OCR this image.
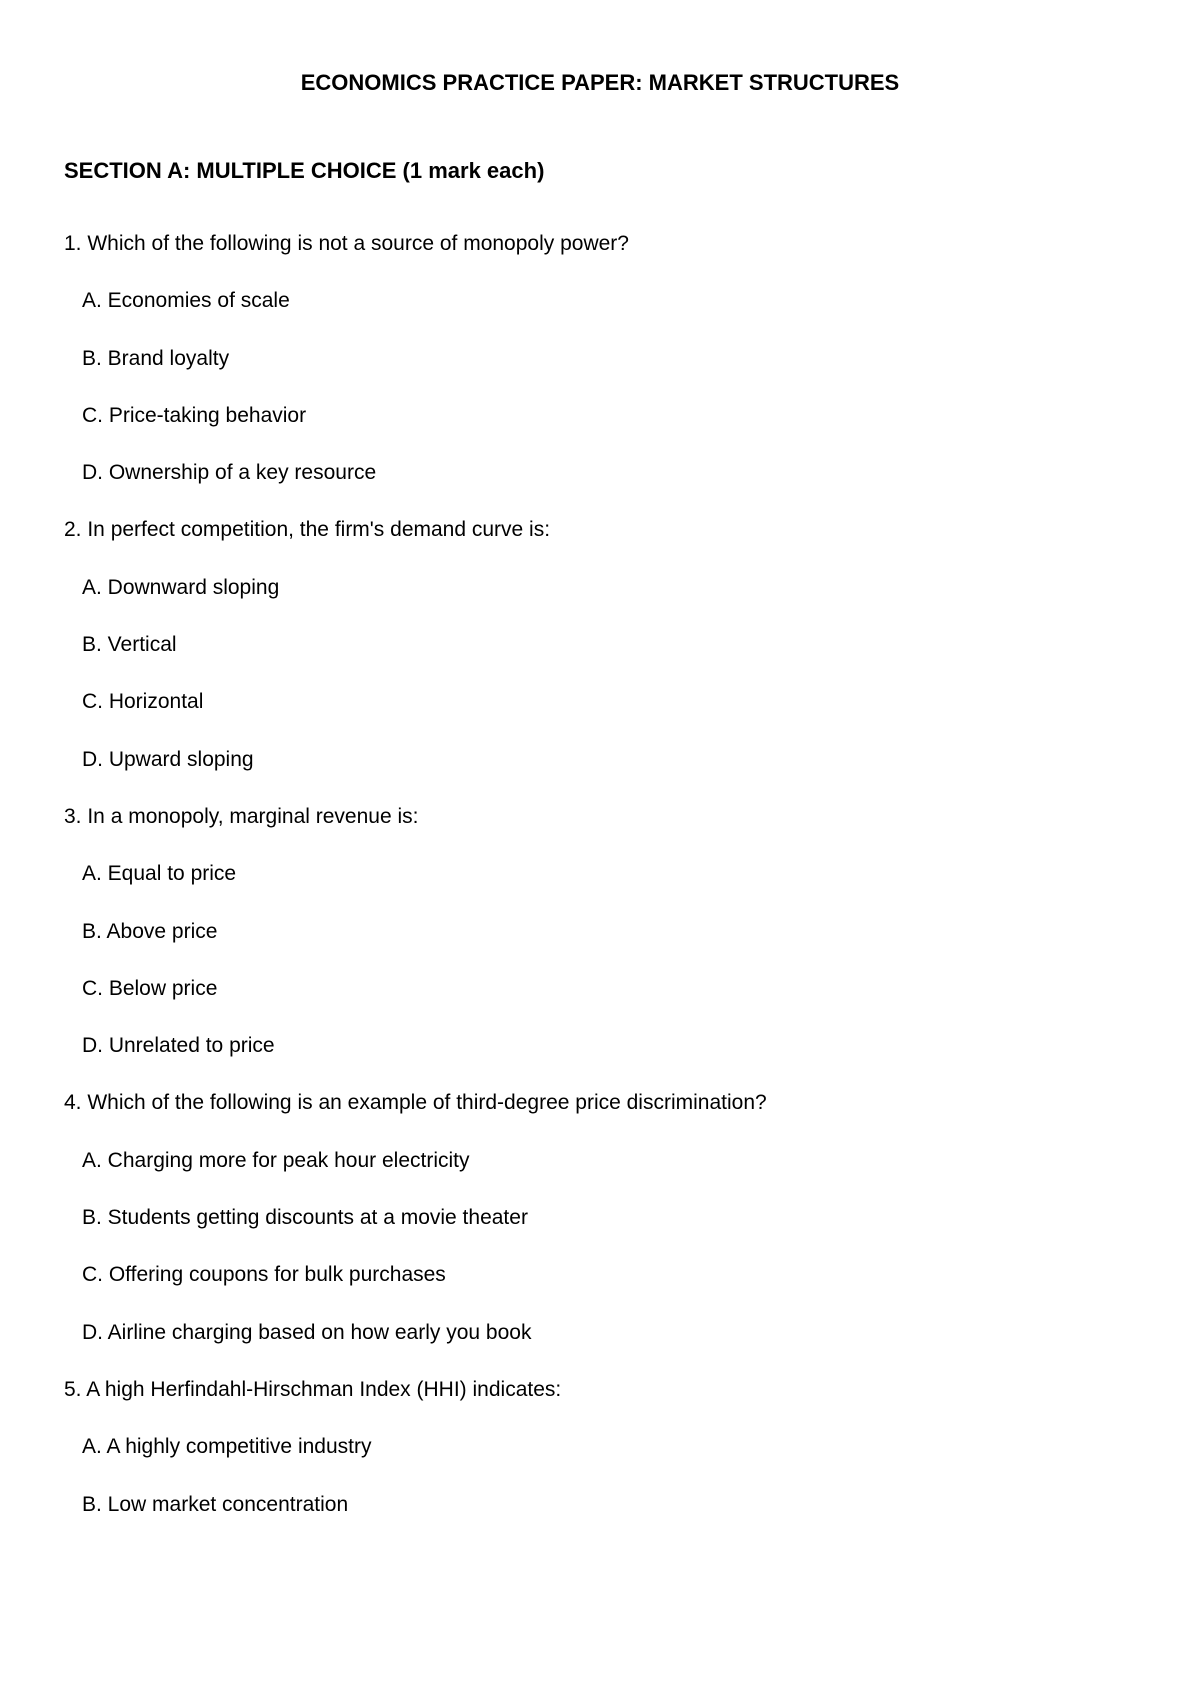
ECONOMICS PRACTICE PAPER: MARKET STRUCTURES
SECTION A: MULTIPLE CHOICE (1 mark each)
1. Which of the following is not a source of monopoly power?
A. Economies of scale
B. Brand loyalty
C. Price-taking behavior
D. Ownership of a key resource
2. In perfect competition, the firm's demand curve is:
A. Downward sloping
B. Vertical
C. Horizontal
D. Upward sloping
3. In a monopoly, marginal revenue is:
A. Equal to price
B. Above price
C. Below price
D. Unrelated to price
4. Which of the following is an example of third-degree price discrimination?
A. Charging more for peak hour electricity
B. Students getting discounts at a movie theater
C. Offering coupons for bulk purchases
D. Airline charging based on how early you book
5. A high Herfindahl-Hirschman Index (HHI) indicates:
A. A highly competitive industry
B. Low market concentration
